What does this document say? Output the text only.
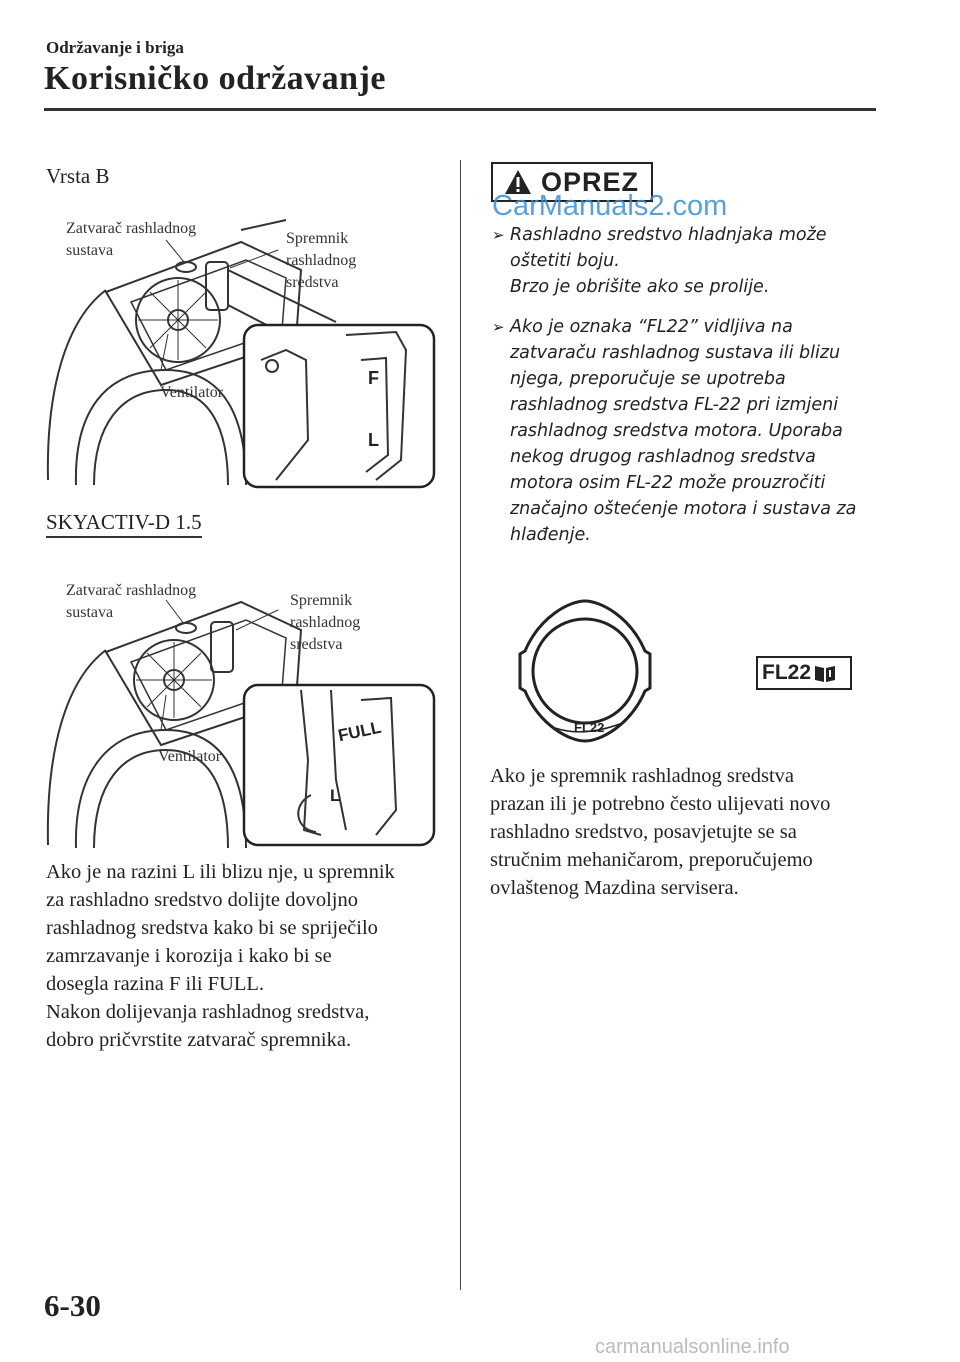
Održavanje i briga
Korisničko održavanje
Vrsta B
Zatvarač rashladnog
sustava
Spremnik
rashladnog
sredstva
Ventilator
F
L
SKYACTIV-D 1.5
Zatvarač rashladnog
sustava
Spremnik
rashladnog
sredstva
Ventilator
FULL
L
Ako je na razini L ili blizu nje, u spremnik
za rashladno sredstvo dolijte dovoljno
rashladnog sredstva kako bi se spriječilo
zamrzavanje i korozija i kako bi se
dosegla razina F ili FULL.
Nakon dolijevanja rashladnog sredstva,
dobro pričvrstite zatvarač spremnika.
OPREZ
CarManuals2.com
➢ Rashladno sredstvo hladnjaka može
oštetiti boju.
Brzo je obrišite ako se prolije.
➢ Ako je oznaka “FL22” vidljiva na
zatvaraču rashladnog sustava ili blizu
njega, preporučuje se upotreba
rashladnog sredstva FL-22 pri izmjeni
rashladnog sredstva motora. Uporaba
nekog drugog rashladnog sredstva
motora osim FL-22 može prouzročiti
značajno oštećenje motora i sustava za
hlađenje.
FL22
FL22
Ako je spremnik rashladnog sredstva
prazan ili je potrebno često ulijevati novo
rashladno sredstvo, posavjetujte se sa
stručnim mehaničarom, preporučujemo
ovlaštenog Mazdina servisera.
6-30
carmanualsonline.info
